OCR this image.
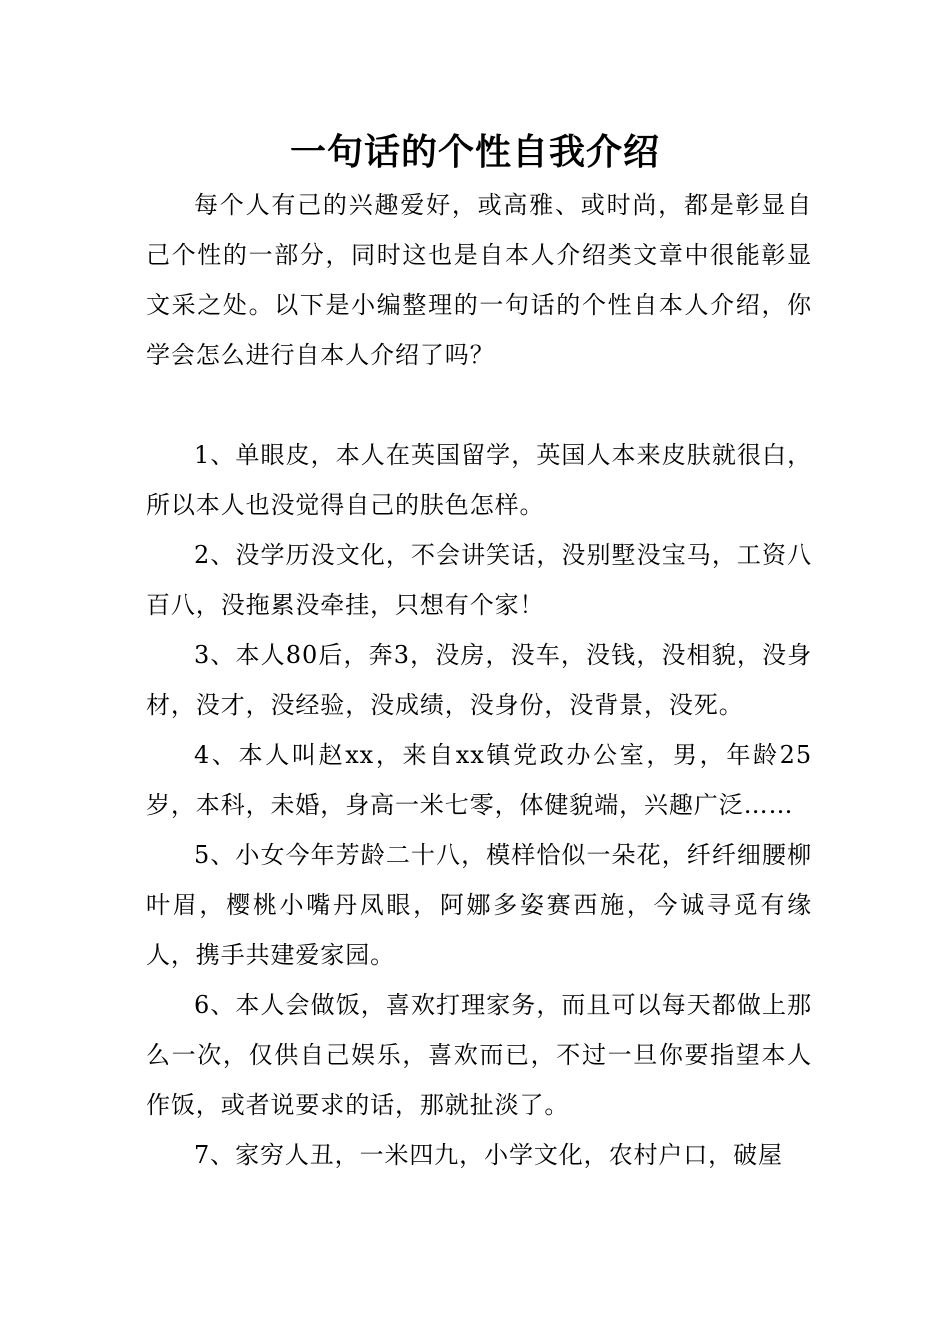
一句话的个性自我介绍

每个人有己的兴趣爱好，或高雅、或时尚，都是彰显自己个性的一部分，同时这也是自本人介绍类文章中很能彰显文采之处。以下是小编整理的一句话的个性自本人介绍，你学会怎么进行自本人介绍了吗？

1、单眼皮，本人在英国留学，英国人本来皮肤就很白，所以本人也没觉得自己的肤色怎样。

2、没学历没文化，不会讲笑话，没别墅没宝马，工资八百八，没拖累没牵挂，只想有个家！

3、本人80后，奔3，没房，没车，没钱，没相貌，没身材，没才，没经验，没成绩，没身份，没背景，没死。

4、本人叫赵xx，来自xx镇党政办公室，男，年龄25岁，本科，未婚，身高一米七零，体健貌端，兴趣广泛……

5、小女今年芳龄二十八，模样恰似一朵花，纤纤细腰柳叶眉，樱桃小嘴丹凤眼，阿娜多姿赛西施，今诚寻觅有缘人，携手共建爱家园。

6、本人会做饭，喜欢打理家务，而且可以每天都做上那么一次，仅供自己娱乐，喜欢而已，不过一旦你要指望本人作饭，或者说要求的话，那就扯淡了。

7、家穷人丑，一米四九，小学文化，农村户口，破屋
